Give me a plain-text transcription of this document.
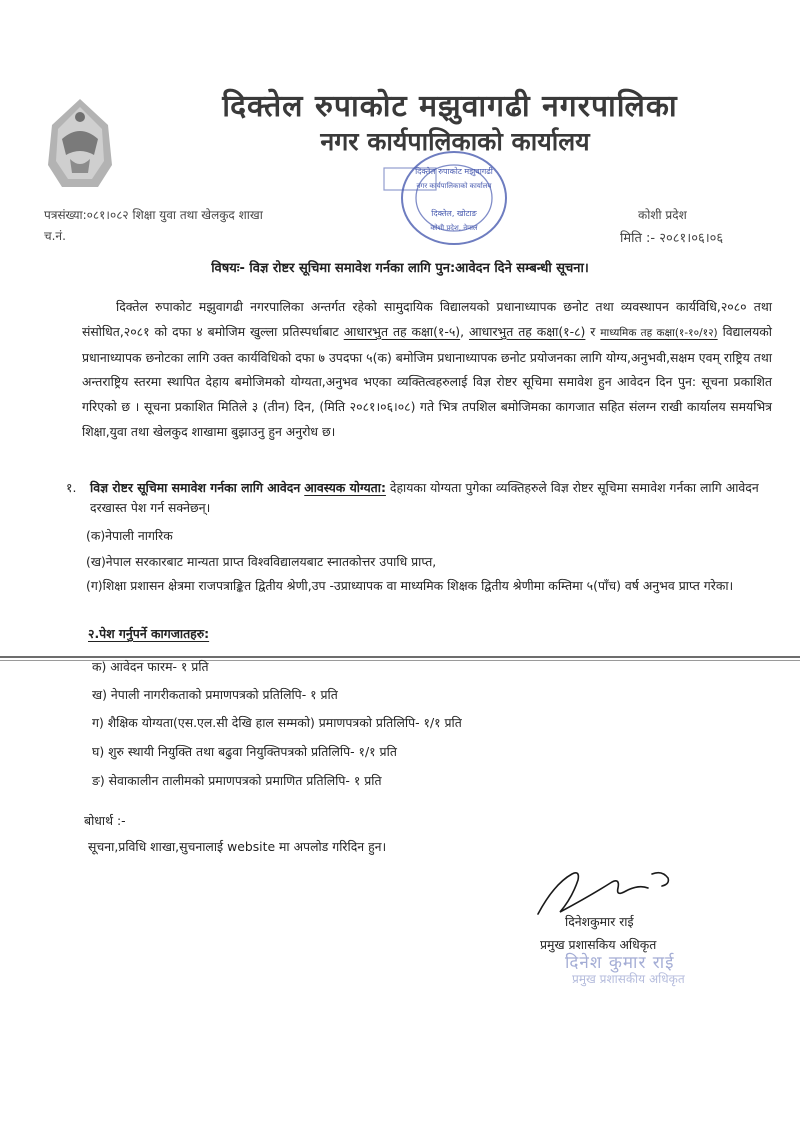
दिक्तेल रुपाकोट मझुवागढी नगरपालिका
नगर कार्यपालिकाको कार्यालय
दिक्तेल रुपाकोट मझुवागढी
नगर कार्यपालिकाको कार्यालय
दिक्तेल, खोटाङ
कोशी प्रदेश, नेपाल
पत्रसंख्या:०८१।०८२ शिक्षा युवा तथा खेलकुद शाखा
च.नं.
कोशी प्रदेश
मिति :- २०८१।०६।०६
विषयः- विज्ञ रोष्टर सूचिमा समावेश गर्नका लागि पुन:आवेदन दिने सम्बन्धी सूचना।
दिक्तेल रुपाकोट मझुवागढी नगरपालिका अन्तर्गत रहेको सामुदायिक विद्यालयको प्रधानाध्यापक छनोट तथा व्यवस्थापन कार्यविधि,२०८० तथा संसोधित,२०८१ को दफा ४ बमोजिम खुल्ला प्रतिस्पर्धाबाट आधारभुत तह कक्षा(१-५), आधारभुत तह कक्षा(१-८) र माध्यमिक तह कक्षा(१-१०/१२) विद्यालयको प्रधानाध्यापक छनोटका लागि उक्त कार्यविधिको दफा ७ उपदफा ५(क) बमोजिम प्रधानाध्यापक छनोट प्रयोजनका लागि योग्य,अनुभवी,सक्षम एवम् राष्ट्रिय तथा अन्तराष्ट्रिय स्तरमा स्थापित देहाय बमोजिमको योग्यता,अनुभव भएका व्यक्तित्वहरुलाई विज्ञ रोष्टर सूचिमा समावेश हुन आवेदन दिन पुन: सूचना प्रकाशित गरिएको छ । सूचना प्रकाशित मितिले ३ (तीन) दिन, (मिति २०८१।०६।०८) गते भित्र तपशिल बमोजिमका कागजात सहित संलग्न राखी कार्यालय समयभित्र शिक्षा,युवा तथा खेलकुद शाखामा बुझाउनु हुन अनुरोध छ।
१. विज्ञ रोष्टर सूचिमा समावेश गर्नका लागि आवेदन आवस्यक योग्यता: देहायका योग्यता पुगेका व्यक्तिहरुले विज्ञ रोष्टर सूचिमा समावेश गर्नका लागि आवेदन दरखास्त पेश गर्न सक्नेछन्।
(क)नेपाली नागरिक
(ख)नेपाल सरकारबाट मान्यता प्राप्त विश्वविद्यालयबाट स्नातकोत्तर उपाधि प्राप्त,
(ग)शिक्षा प्रशासन क्षेत्रमा राजपत्राङ्कित द्वितीय श्रेणी,उप -उप्राध्यापक वा माध्यमिक शिक्षक द्वितीय श्रेणीमा कम्तिमा ५(पाँच) वर्ष अनुभव प्राप्त गरेका।
२.पेश गर्नुपर्ने कागजातहरु:
क) आवेदन फारम- १ प्रति
ख) नेपाली नागरीकताको प्रमाणपत्रको प्रतिलिपि- १ प्रति
ग) शैक्षिक योग्यता(एस.एल.सी देखि हाल सम्मको) प्रमाणपत्रको प्रतिलिपि- १/१ प्रति
घ) शुरु स्थायी नियुक्ति तथा बढुवा नियुक्तिपत्रको प्रतिलिपि- १/१ प्रति
ङ) सेवाकालीन तालीमको प्रमाणपत्रको प्रमाणित प्रतिलिपि- १ प्रति
बोधार्थ :-
सूचना,प्रविधि शाखा,सुचनालाई website मा अपलोड गरिदिन हुन।
दिनेशकुमार राई
प्रमुख प्रशासकिय अधिकृत
दिनेश कुमार राई
प्रमुख प्रशासकीय अधिकृत
